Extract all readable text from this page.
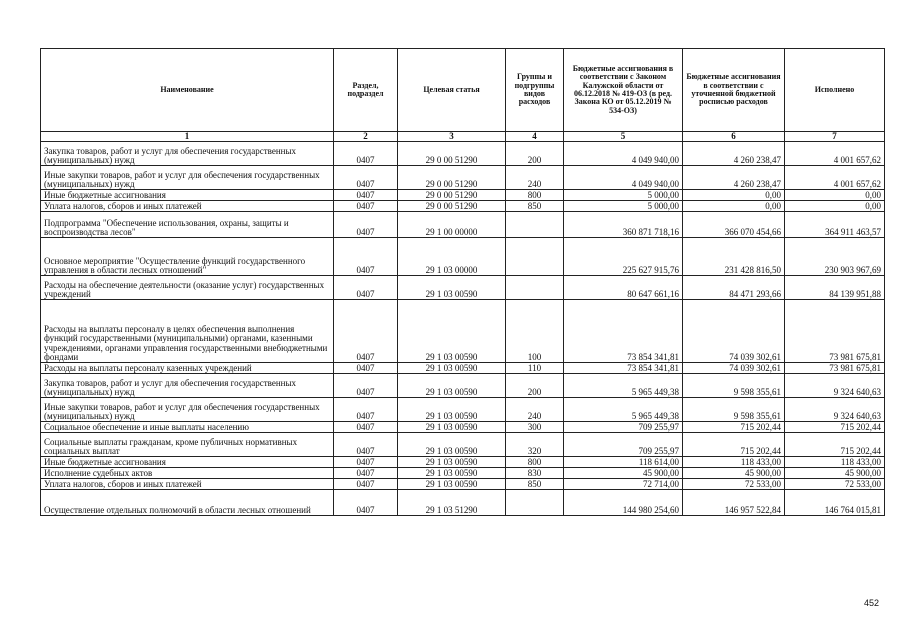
Наименование	Раздел, подраздел	Целевая статья	Группы и подгруппы видов расходов	Бюджетные ассигнования в соответствии с Законом Калужской области от 06.12.2018 № 419-ОЗ (в ред. Закона КО от 05.12.2019 № 534-ОЗ)	Бюджетные ассигнования в соответствии с уточненной бюджетной росписью расходов	Исполнено
1	2	3	4	5	6	7
Закупка товаров, работ и услуг для обеспечения государственных (муниципальных) нужд	0407	29 0 00 51290	200	4 049 940,00	4 260 238,47	4 001 657,62
Иные закупки товаров, работ и услуг для обеспечения государственных (муниципальных) нужд	0407	29 0 00 51290	240	4 049 940,00	4 260 238,47	4 001 657,62
Иные бюджетные ассигнования	0407	29 0 00 51290	800	5 000,00	0,00	0,00
Уплата налогов, сборов и иных платежей	0407	29 0 00 51290	850	5 000,00	0,00	0,00
Подпрограмма "Обеспечение использования, охраны, защиты и воспроизводства лесов"	0407	29 1 00 00000		360 871 718,16	366 070 454,66	364 911 463,57
Основное мероприятие "Осуществление функций государственного управления в области лесных отношений"	0407	29 1 03 00000		225 627 915,76	231 428 816,50	230 903 967,69
Расходы на обеспечение деятельности (оказание услуг) государственных учреждений	0407	29 1 03 00590		80 647 661,16	84 471 293,66	84 139 951,88
Расходы на выплаты персоналу в целях обеспечения выполнения функций государственными (муниципальными) органами, казенными учреждениями, органами управления государственными внебюджетными фондами	0407	29 1 03 00590	100	73 854 341,81	74 039 302,61	73 981 675,81
Расходы на выплаты персоналу казенных учреждений	0407	29 1 03 00590	110	73 854 341,81	74 039 302,61	73 981 675,81
Закупка товаров, работ и услуг для обеспечения государственных (муниципальных) нужд	0407	29 1 03 00590	200	5 965 449,38	9 598 355,61	9 324 640,63
Иные закупки товаров, работ и услуг для обеспечения государственных (муниципальных) нужд	0407	29 1 03 00590	240	5 965 449,38	9 598 355,61	9 324 640,63
Социальное обеспечение и иные выплаты населению	0407	29 1 03 00590	300	709 255,97	715 202,44	715 202,44
Социальные выплаты гражданам, кроме публичных нормативных социальных выплат	0407	29 1 03 00590	320	709 255,97	715 202,44	715 202,44
Иные бюджетные ассигнования	0407	29 1 03 00590	800	118 614,00	118 433,00	118 433,00
Исполнение судебных актов	0407	29 1 03 00590	830	45 900,00	45 900,00	45 900,00
Уплата налогов, сборов и иных платежей	0407	29 1 03 00590	850	72 714,00	72 533,00	72 533,00
Осуществление отдельных полномочий в области лесных отношений	0407	29 1 03 51290		144 980 254,60	146 957 522,84	146 764 015,81
452
